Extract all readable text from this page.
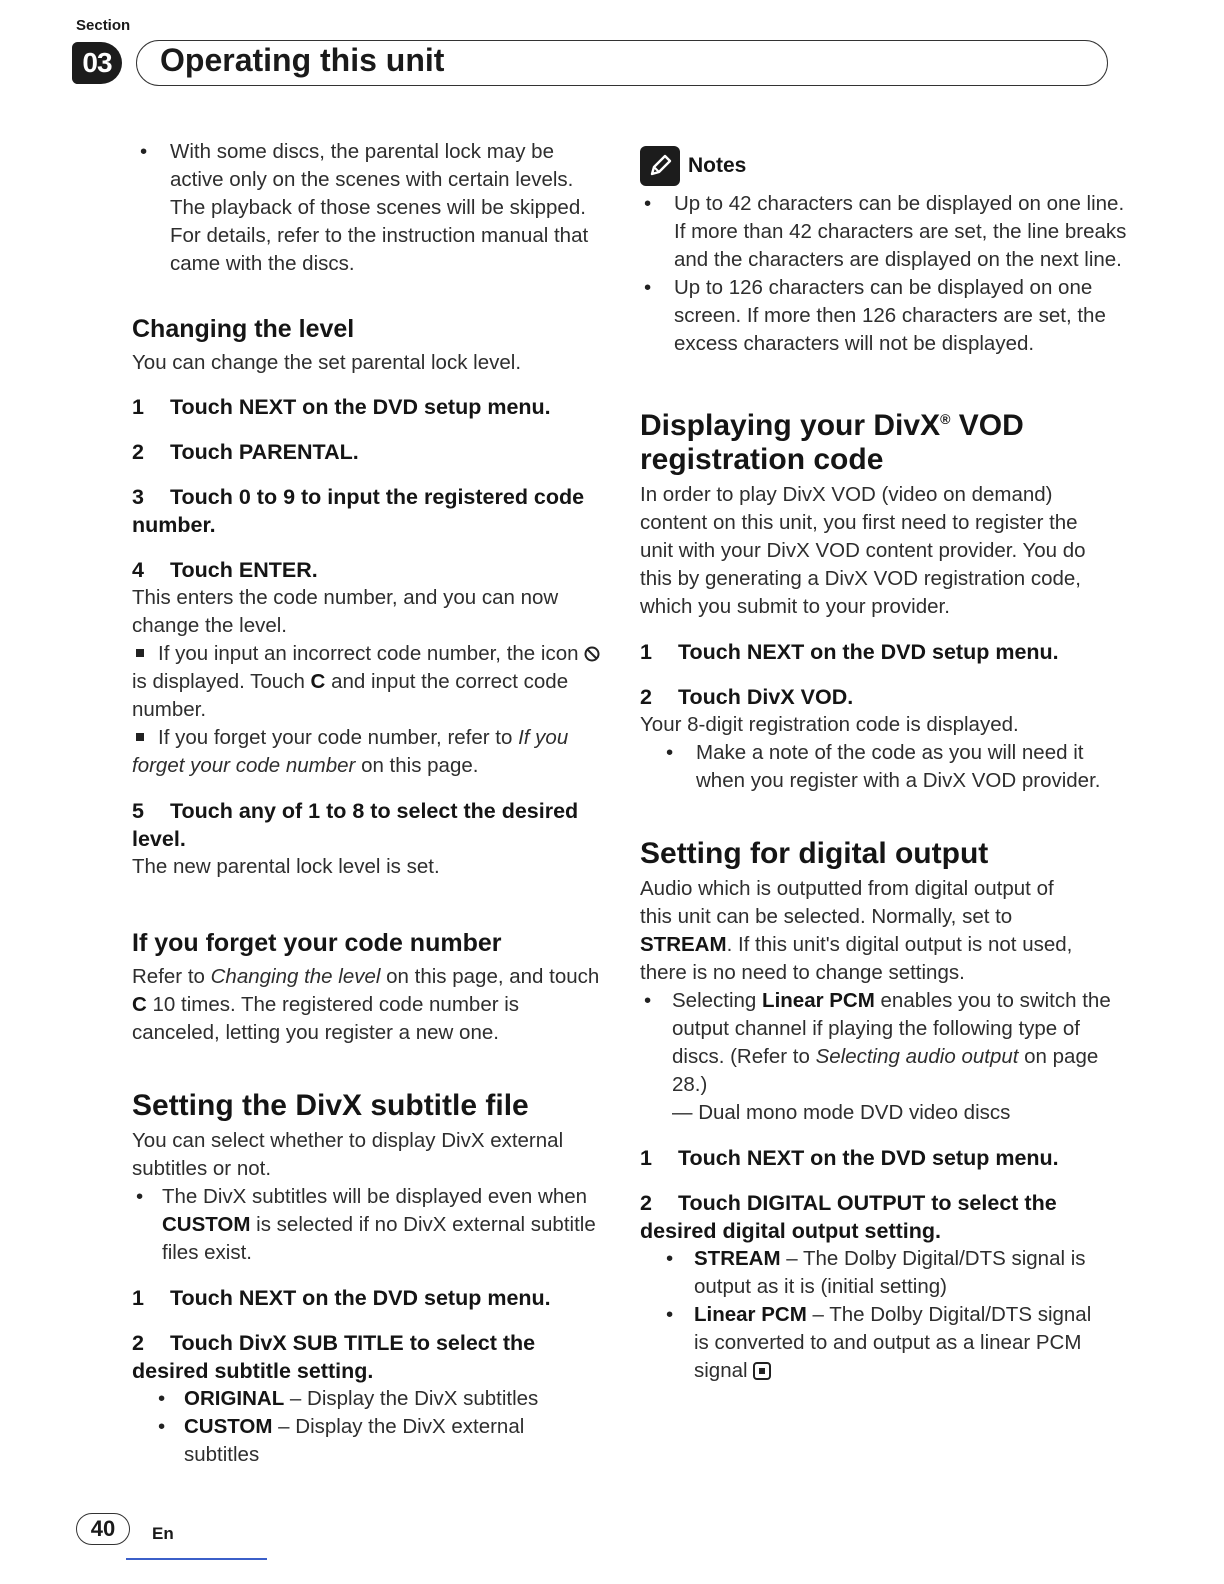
Section
03	Operating this unit

• With some discs, the parental lock may be active only on the scenes with certain levels. The playback of those scenes will be skipped. For details, refer to the instruction manual that came with the discs.

Changing the level

You can change the set parental lock level.

1 Touch NEXT on the DVD setup menu.

2 Touch PARENTAL.

3 Touch 0 to 9 to input the registered code number.

4 Touch ENTER.

This enters the code number, and you can now change the level.

If you input an incorrect code number, the icon  is displayed. Touch C and input the correct code number.

If you forget your code number, refer to If you forget your code number on this page.

5 Touch any of 1 to 8 to select the desired level.

The new parental lock level is set.

If you forget your code number

Refer to Changing the level on this page, and touch C 10 times. The registered code number is canceled, letting you register a new one.

Setting the DivX subtitle file

You can select whether to display DivX external subtitles or not.

• The DivX subtitles will be displayed even when CUSTOM is selected if no DivX external subtitle files exist.

1 Touch NEXT on the DVD setup menu.

2 Touch DivX SUB TITLE to select the desired subtitle setting.

• ORIGINAL – Display the DivX subtitles

• CUSTOM – Display the DivX external subtitles

Notes

• Up to 42 characters can be displayed on one line. If more than 42 characters are set, the line breaks and the characters are displayed on the next line.

• Up to 126 characters can be displayed on one screen. If more then 126 characters are set, the excess characters will not be displayed.

Displaying your DivX® VOD registration code

In order to play DivX VOD (video on demand) content on this unit, you first need to register the unit with your DivX VOD content provider. You do this by generating a DivX VOD registration code, which you submit to your provider.

1 Touch NEXT on the DVD setup menu.

2 Touch DivX VOD.

Your 8-digit registration code is displayed.

• Make a note of the code as you will need it when you register with a DivX VOD provider.

Setting for digital output

Audio which is outputted from digital output of this unit can be selected. Normally, set to STREAM. If this unit's digital output is not used, there is no need to change settings.

• Selecting Linear PCM enables you to switch the output channel if playing the following type of discs. (Refer to Selecting audio output on page 28.)

— Dual mono mode DVD video discs

1 Touch NEXT on the DVD setup menu.

2 Touch DIGITAL OUTPUT to select the desired digital output setting.

• STREAM – The Dolby Digital/DTS signal is output as it is (initial setting)

• Linear PCM – The Dolby Digital/DTS signal is converted to and output as a linear PCM signal

40	En
